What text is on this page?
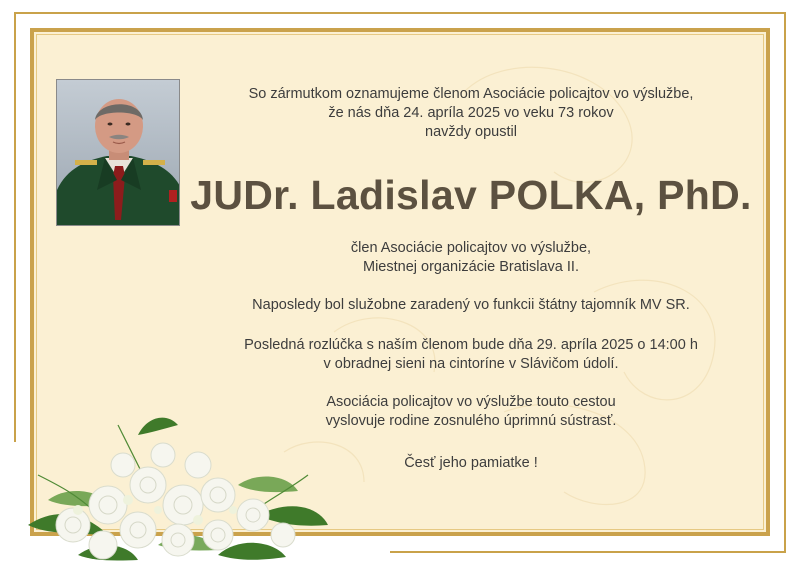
So zármutkom oznamujeme členom Asociácie policajtov vo výslužbe,
že nás dňa 24. apríla 2025 vo veku 73 rokov
navždy opustil
JUDr. Ladislav POLKA, PhD.
člen Asociácie policajtov vo výslužbe,
Miestnej organizácie Bratislava II.
Naposledy bol služobne zaradený vo funkcii štátny tajomník MV SR.
Posledná rozlúčka s naším členom bude dňa 29. apríla 2025 o 14:00 h
v obradnej sieni na cintoríne v Slávičom údolí.
Asociácia policajtov vo výslužbe touto cestou
vyslovuje rodine zosnulého úprimnú sústrasť.
Česť jeho pamiatke !
